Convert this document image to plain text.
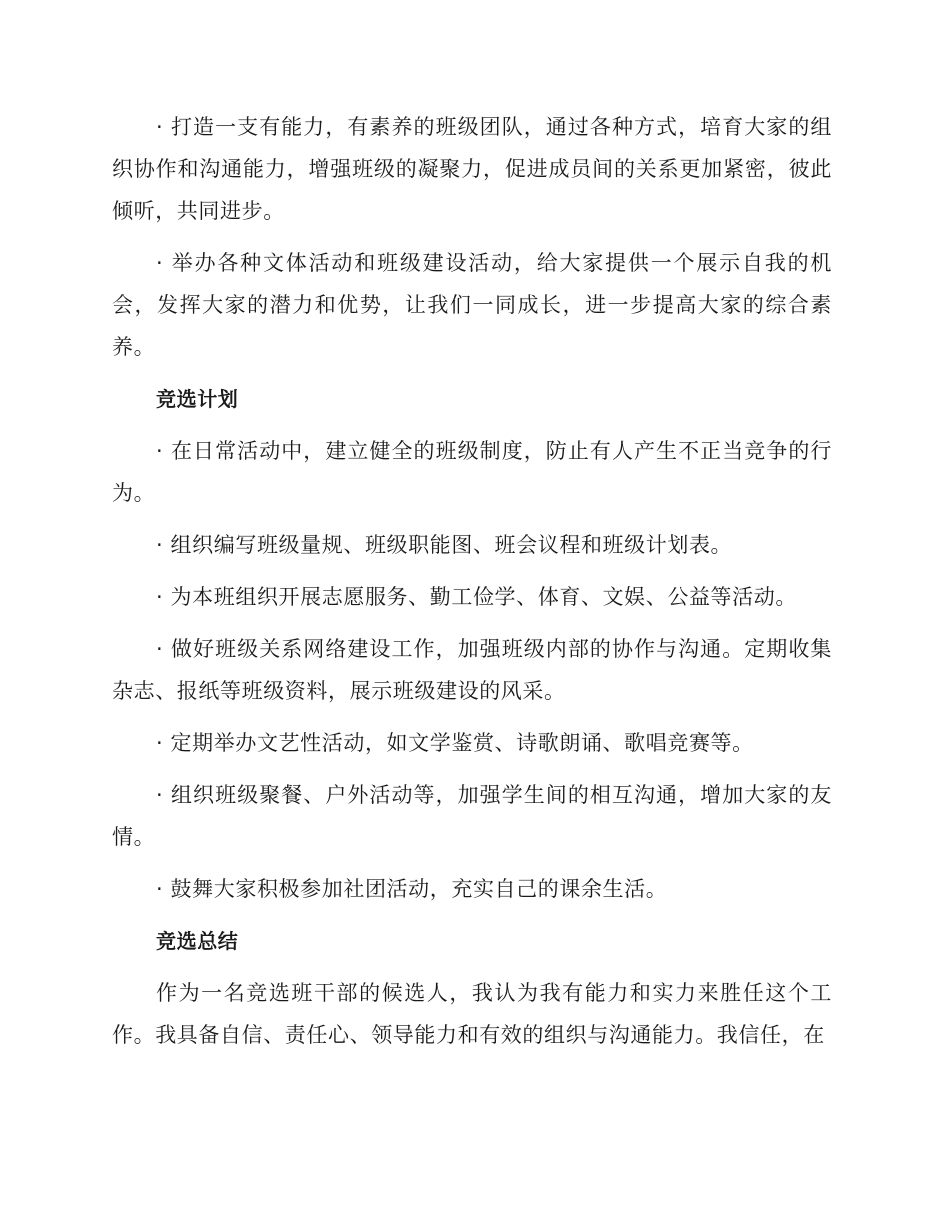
· 打造一支有能力，有素养的班级团队，通过各种方式，培育大家的组织协作和沟通能力，增强班级的凝聚力，促进成员间的关系更加紧密，彼此倾听，共同进步。

· 举办各种文体活动和班级建设活动，给大家提供一个展示自我的机会，发挥大家的潜力和优势，让我们一同成长，进一步提高大家的综合素养。

竞选计划

· 在日常活动中，建立健全的班级制度，防止有人产生不正当竞争的行为。

· 组织编写班级量规、班级职能图、班会议程和班级计划表。

· 为本班组织开展志愿服务、勤工俭学、体育、文娱、公益等活动。

· 做好班级关系网络建设工作，加强班级内部的协作与沟通。定期收集杂志、报纸等班级资料，展示班级建设的风采。

· 定期举办文艺性活动，如文学鉴赏、诗歌朗诵、歌唱竞赛等。

· 组织班级聚餐、户外活动等，加强学生间的相互沟通，增加大家的友情。

· 鼓舞大家积极参加社团活动，充实自己的课余生活。

竞选总结

作为一名竞选班干部的候选人，我认为我有能力和实力来胜任这个工作。我具备自信、责任心、领导能力和有效的组织与沟通能力。我信任，在
